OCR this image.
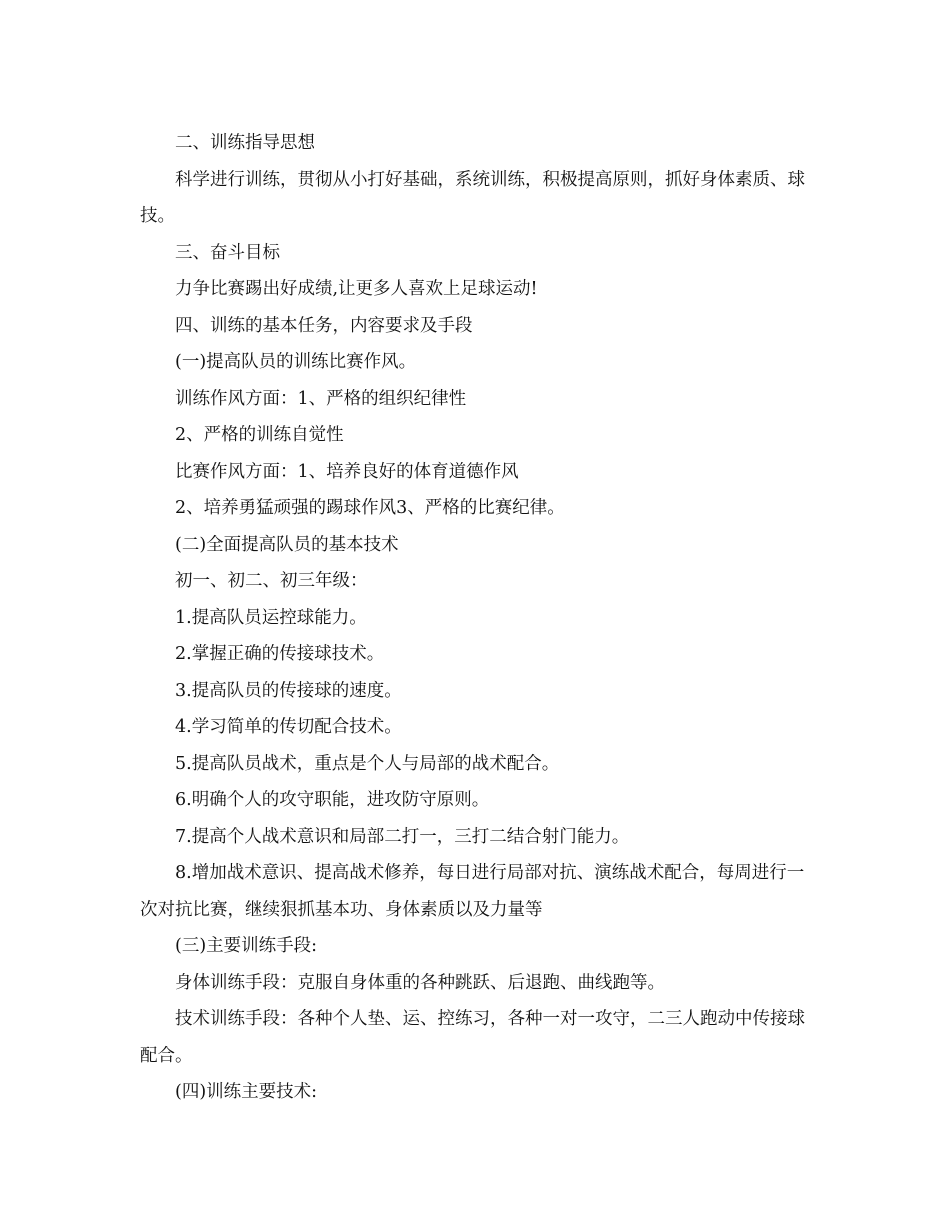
二、训练指导思想

科学进行训练，贯彻从小打好基础，系统训练，积极提高原则，抓好身体素质、球技。

三、奋斗目标

力争比赛踢出好成绩,让更多人喜欢上足球运动!

四、训练的基本任务，内容要求及手段

(一)提高队员的训练比赛作风。

训练作风方面：1、严格的组织纪律性

2、严格的训练自觉性

比赛作风方面：1、培养良好的体育道德作风

2、培养勇猛顽强的踢球作风3、严格的比赛纪律。

(二)全面提高队员的基本技术

初一、初二、初三年级：

1.提高队员运控球能力。

2.掌握正确的传接球技术。

3.提高队员的传接球的速度。

4.学习简单的传切配合技术。

5.提高队员战术，重点是个人与局部的战术配合。

6.明确个人的攻守职能，进攻防守原则。

7.提高个人战术意识和局部二打一，三打二结合射门能力。

8.增加战术意识、提高战术修养，每日进行局部对抗、演练战术配合，每周进行一次对抗比赛，继续狠抓基本功、身体素质以及力量等

(三)主要训练手段:

身体训练手段：克服自身体重的各种跳跃、后退跑、曲线跑等。

技术训练手段：各种个人垫、运、控练习，各种一对一攻守，二三人跑动中传接球配合。

(四)训练主要技术:
